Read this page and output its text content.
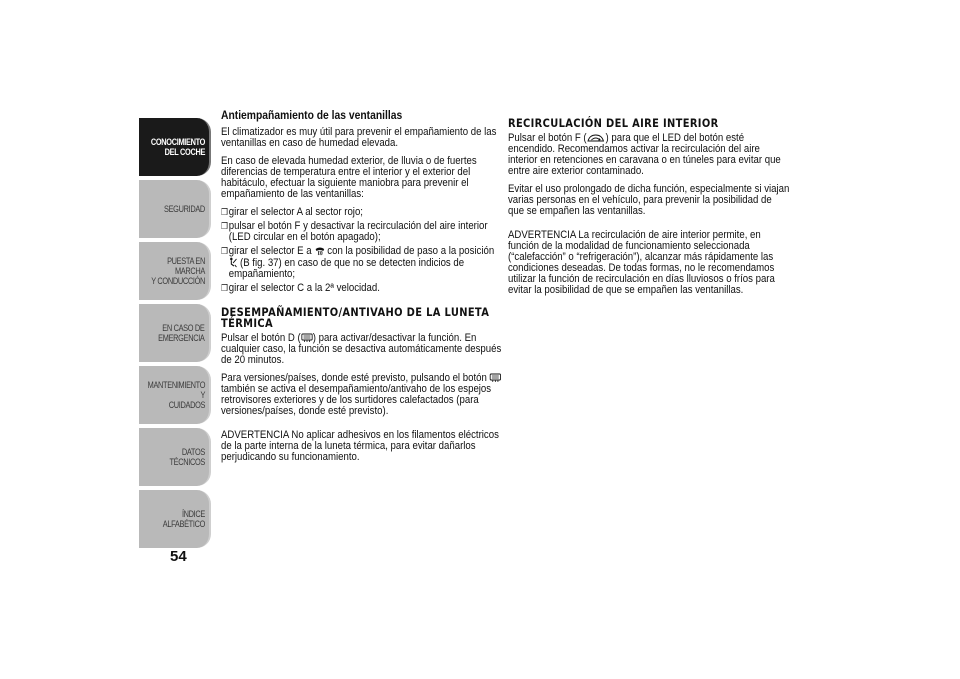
CONOCIMIENTO
DEL COCHE
SEGURIDAD
PUESTA EN MARCHA
Y CONDUCCIÓN
EN CASO DE
EMERGENCIA
MANTENIMIENTO Y
CUIDADOS
DATOS TÉCNICOS
ÍNDICE ALFABÉTICO
54

Antiempañamiento de las ventanillas

El climatizador es muy útil para prevenir el empañamiento de las ventanillas en caso de humedad elevada.

En caso de elevada humedad exterior, de lluvia o de fuertes diferencias de temperatura entre el interior y el exterior del habitáculo, efectuar la siguiente maniobra para prevenir el empañamiento de las ventanillas:

❒ girar el selector A al sector rojo;
❒ pulsar el botón F y desactivar la recirculación del aire interior (LED circular en el botón apagado);
❒ girar el selector E a con la posibilidad de paso a la posición  (B fig. 37) en caso de que no se detecten indicios de empañamiento;
❒ girar el selector C a la 2ª velocidad.
DESEMPAÑAMIENTO/ANTIVAHO DE LA LUNETA TÉRMICA

Pulsar el botón D ( ) para activar/desactivar la función. En cualquier caso, la función se desactiva automáticamente después de 20 minutos.

Para versiones/países, donde esté previsto, pulsando el botón  también se activa el desempañamiento/antivaho de los espejos retrovisores exteriores y de los surtidores calefactados (para versiones/países, donde esté previsto).

ADVERTENCIA No aplicar adhesivos en los filamentos eléctricos de la parte interna de la luneta térmica, para evitar dañarlos perjudicando su funcionamiento.

RECIRCULACIÓN DEL AIRE INTERIOR

Pulsar el botón F ( ) para que el LED del botón esté encendido. Recomendamos activar la recirculación del aire interior en retenciones en caravana o en túneles para evitar que entre aire exterior contaminado.

Evitar el uso prolongado de dicha función, especialmente si viajan varias personas en el vehículo, para prevenir la posibilidad de que se empañen las ventanillas.

ADVERTENCIA La recirculación de aire interior permite, en función de la modalidad de funcionamiento seleccionada (“calefacción” o “refrigeración”), alcanzar más rápidamente las condiciones deseadas. De todas formas, no le recomendamos utilizar la función de recirculación en días lluviosos o fríos para evitar la posibilidad de que se empañen las ventanillas.
